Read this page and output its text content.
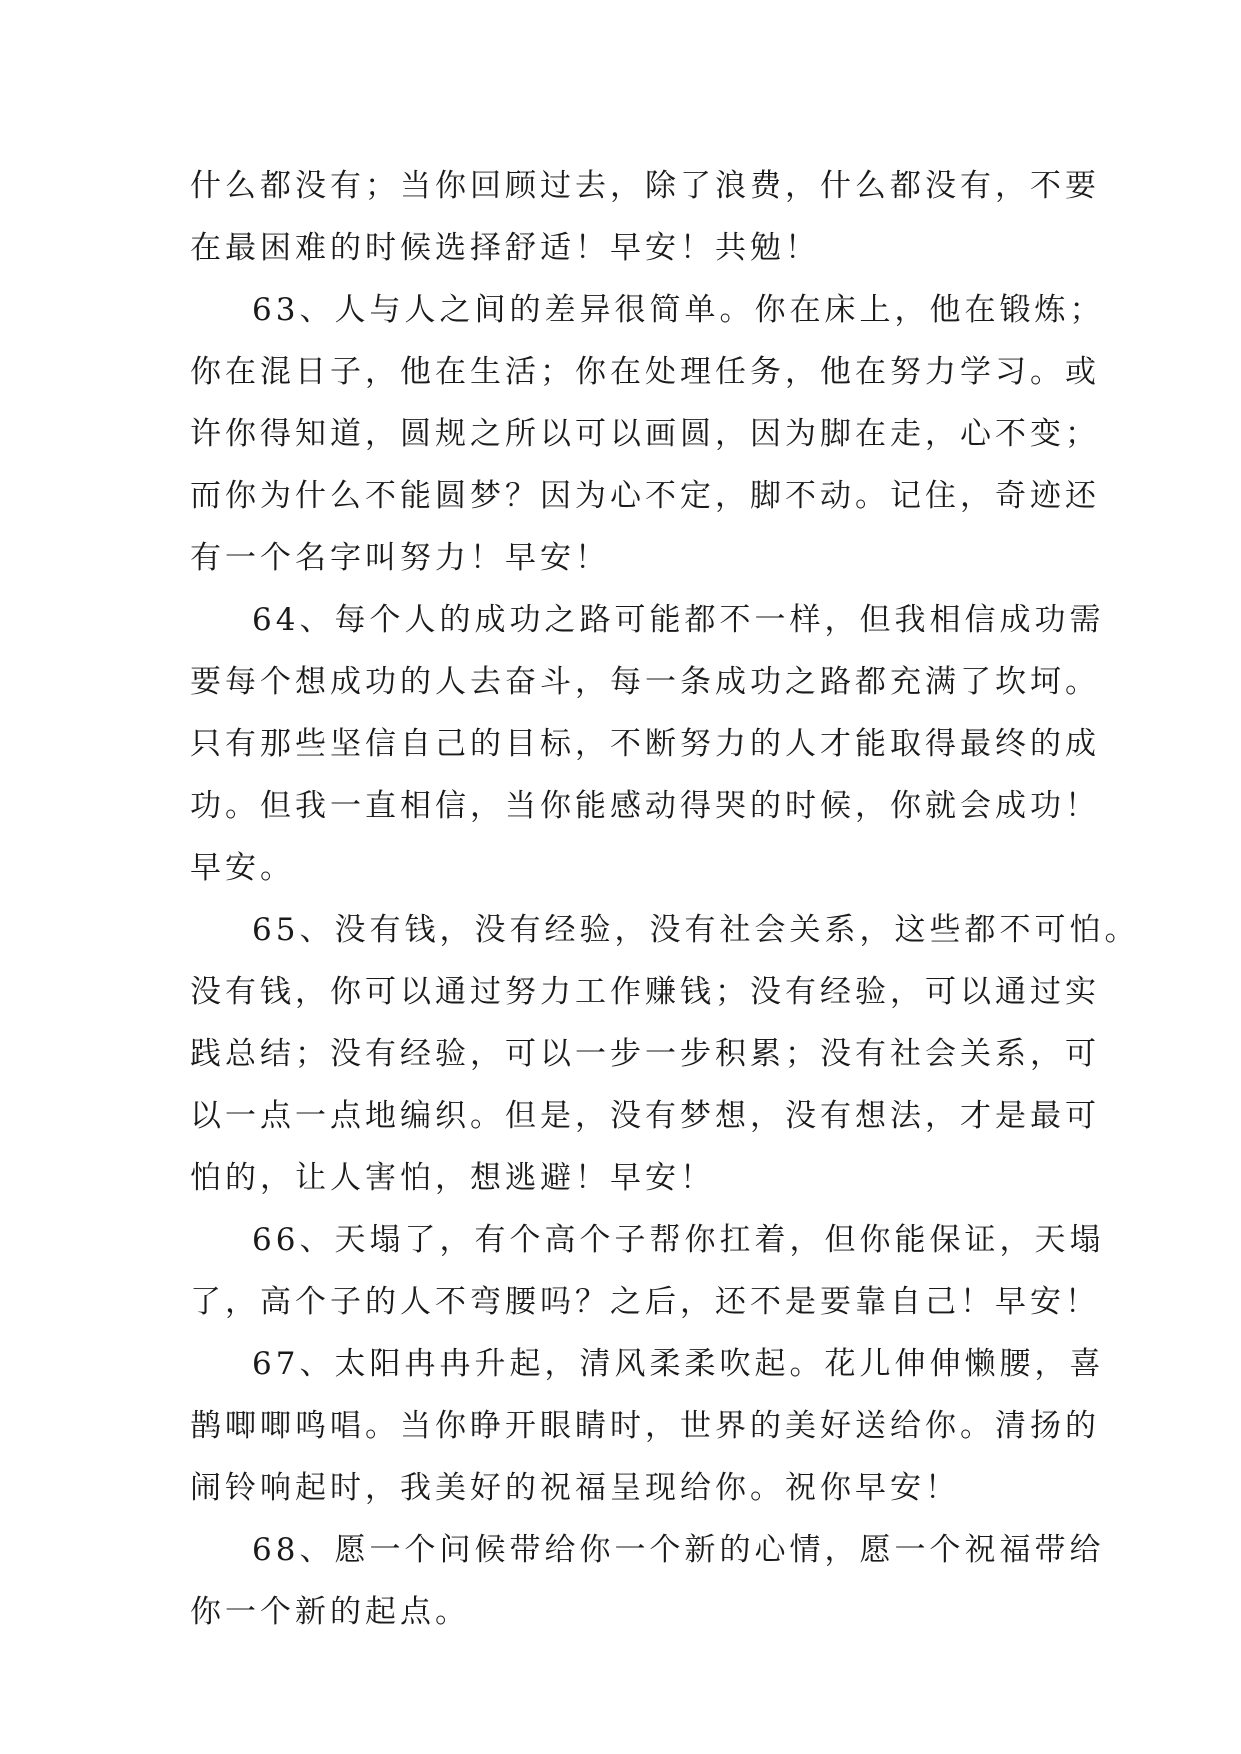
什么都没有；当你回顾过去，除了浪费，什么都没有，不要
在最困难的时候选择舒适！早安！共勉！
63、人与人之间的差异很简单。你在床上，他在锻炼；
你在混日子，他在生活；你在处理任务，他在努力学习。或
许你得知道，圆规之所以可以画圆，因为脚在走，心不变；
而你为什么不能圆梦？因为心不定，脚不动。记住，奇迹还
有一个名字叫努力！早安！
64、每个人的成功之路可能都不一样，但我相信成功需
要每个想成功的人去奋斗，每一条成功之路都充满了坎坷。
只有那些坚信自己的目标，不断努力的人才能取得最终的成
功。但我一直相信，当你能感动得哭的时候，你就会成功！
早安。
65、没有钱，没有经验，没有社会关系，这些都不可怕。
没有钱，你可以通过努力工作赚钱；没有经验，可以通过实
践总结；没有经验，可以一步一步积累；没有社会关系，可
以一点一点地编织。但是，没有梦想，没有想法，才是最可
怕的，让人害怕，想逃避！早安！
66、天塌了，有个高个子帮你扛着，但你能保证，天塌
了，高个子的人不弯腰吗？之后，还不是要靠自己！早安！
67、太阳冉冉升起，清风柔柔吹起。花儿伸伸懒腰，喜
鹊唧唧鸣唱。当你睁开眼睛时，世界的美好送给你。清扬的
闹铃响起时，我美好的祝福呈现给你。祝你早安！
68、愿一个问候带给你一个新的心情，愿一个祝福带给
你一个新的起点。
